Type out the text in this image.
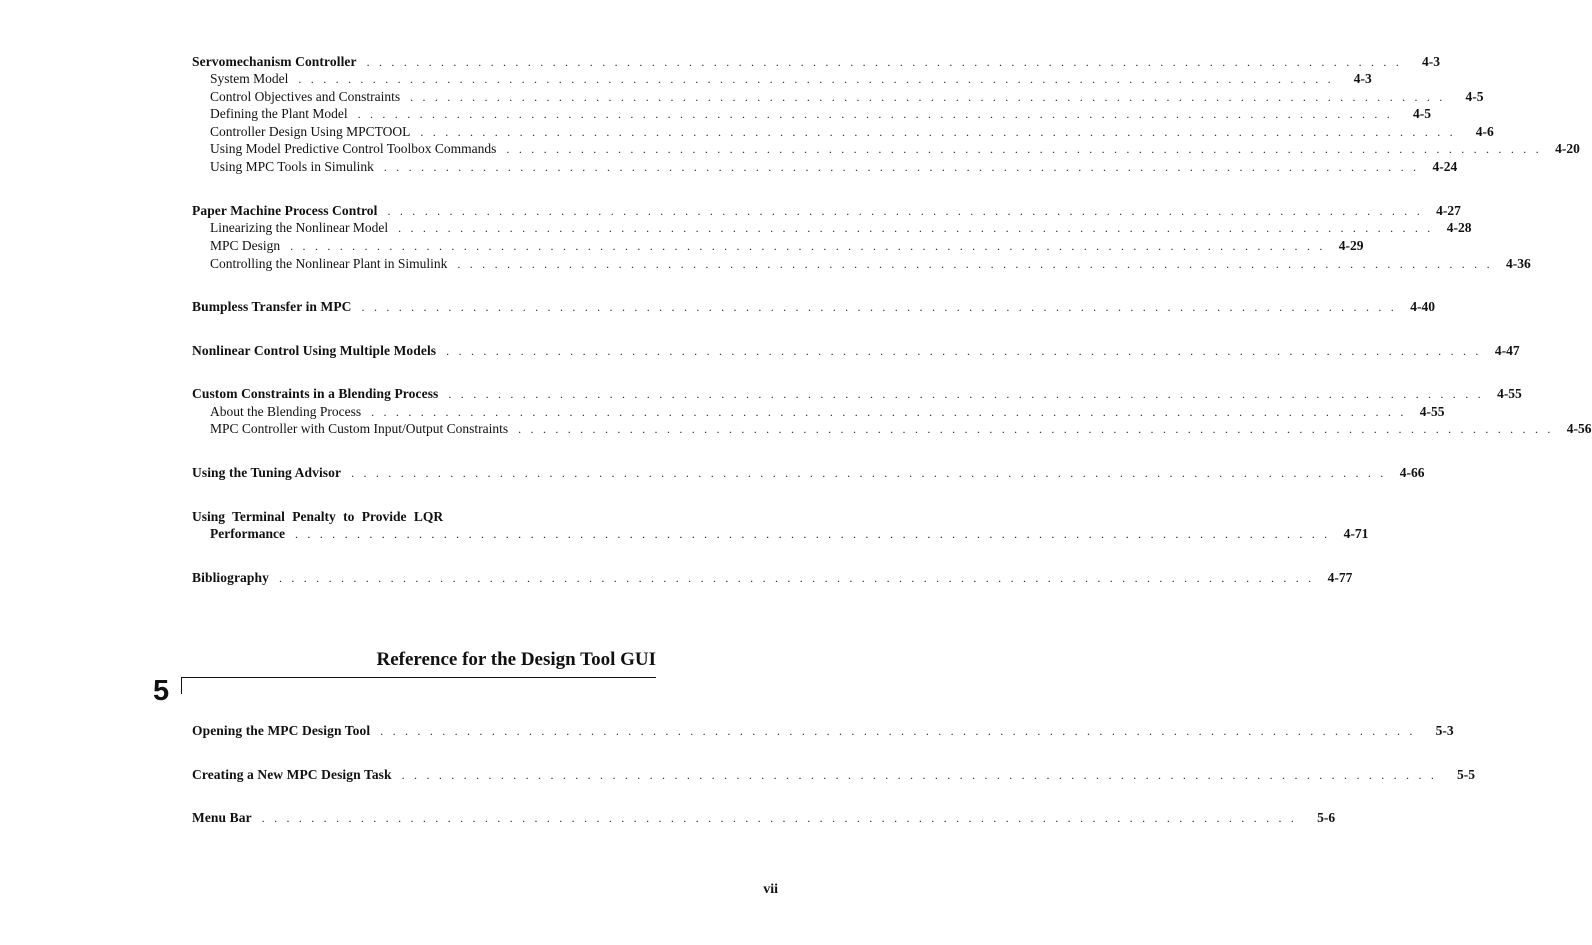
Servomechanism Controller . . . . . . . . . . . . . . . . . . . . . . . . . . . . . . . . . . . . . . . . . . . . . . . . . . . . . . . . . . . . . . . . . . . . . . . . . . . . . . . . . . . .	4-3
System Model . . . . . . . . . . . . . . . . . . . . . . . . . . . . . . . . . . . . . . . . . . . . . . . . . . . . . . . . . . . . . . . . . . . . . . . . . . . . . . . . . . . .	4-3
Control Objectives and Constraints . . . . . . . . . . . . . . . . . . . . . . . . . . . . . . . . . . . . . . . . . . . . . . . . . . . . . . . . . . . . . . . . . . . . . . . . . . . . . . . . . . . .	4-5
Defining the Plant Model . . . . . . . . . . . . . . . . . . . . . . . . . . . . . . . . . . . . . . . . . . . . . . . . . . . . . . . . . . . . . . . . . . . . . . . . . . . . . . . . . . . .	4-5
Controller Design Using MPCTOOL . . . . . . . . . . . . . . . . . . . . . . . . . . . . . . . . . . . . . . . . . . . . . . . . . . . . . . . . . . . . . . . . . . . . . . . . . . . . . . . . . . . .	4-6
Using Model Predictive Control Toolbox Commands . . . . . . . . . . . . . . . . . . . . . . . . . . . . . . . . . . . . . . . . . . . . . . . . . . . . . . . . . . . . . . . . . . . . . . . . . . . . . . . . . . . . 4-20
Using MPC Tools in Simulink . . . . . . . . . . . . . . . . . . . . . . . . . . . . . . . . . . . . . . . . . . . . . . . . . . . . . . . . . . . . . . . . . . . . . . . . . . . . . . . . . . . . 4-24
Paper Machine Process Control . . . . . . . . . . . . . . . . . . . . . . . . . . . . . . . . . . . . . . . . . . . . . . . . . . . . . . . . . . . . . . . . . . . . . . . . . . . . . . . . . . . . 4-27
Linearizing the Nonlinear Model . . . . . . . . . . . . . . . . . . . . . . . . . . . . . . . . . . . . . . . . . . . . . . . . . . . . . . . . . . . . . . . . . . . . . . . . . . . . . . . . . . . . 4-28
MPC Design . . . . . . . . . . . . . . . . . . . . . . . . . . . . . . . . . . . . . . . . . . . . . . . . . . . . . . . . . . . . . . . . . . . . . . . . . . . . . . . . . . . . 4-29
Controlling the Nonlinear Plant in Simulink . . . . . . . . . . . . . . . . . . . . . . . . . . . . . . . . . . . . . . . . . . . . . . . . . . . . . . . . . . . . . . . . . . . . . . . . . . . . . . . . . . . . 4-36
Bumpless Transfer in MPC . . . . . . . . . . . . . . . . . . . . . . . . . . . . . . . . . . . . . . . . . . . . . . . . . . . . . . . . . . . . . . . . . . . . . . . . . . . . . . . . . . . . 4-40
Nonlinear Control Using Multiple Models . . . . . . . . . . . . . . . . . . . . . . . . . . . . . . . . . . . . . . . . . . . . . . . . . . . . . . . . . . . . . . . . . . . . . . . . . . . . . . . . . . . . 4-47
Custom Constraints in a Blending Process . . . . . . . . . . . . . . . . . . . . . . . . . . . . . . . . . . . . . . . . . . . . . . . . . . . . . . . . . . . . . . . . . . . . . . . . . . . . . . . . . . . . 4-55
About the Blending Process . . . . . . . . . . . . . . . . . . . . . . . . . . . . . . . . . . . . . . . . . . . . . . . . . . . . . . . . . . . . . . . . . . . . . . . . . . . . . . . . . . . . 4-55
MPC Controller with Custom Input/Output Constraints . . . . . . . . . . . . . . . . . . . . . . . . . . . . . . . . . . . . . . . . . . . . . . . . . . . . . . . . . . . . . . . . . . . . . . . . . . . . . . . . . . . . 4-56
Using the Tuning Advisor . . . . . . . . . . . . . . . . . . . . . . . . . . . . . . . . . . . . . . . . . . . . . . . . . . . . . . . . . . . . . . . . . . . . . . . . . . . . . . . . . . . . 4-66
Using Terminal Penalty to Provide LQR
Performance . . . . . . . . . . . . . . . . . . . . . . . . . . . . . . . . . . . . . . . . . . . . . . . . . . . . . . . . . . . . . . . . . . . . . . . . . . . . . . . . . . . . 4-71
Bibliography . . . . . . . . . . . . . . . . . . . . . . . . . . . . . . . . . . . . . . . . . . . . . . . . . . . . . . . . . . . . . . . . . . . . . . . . . . . . . . . . . . . . 4-77
Reference for the Design Tool GUI
5
Opening the MPC Design Tool . . . . . . . . . . . . . . . . . . . . . . . . . . . . . . . . . . . . . . . . . . . . . . . . . . . . . . . . . . . . . . . . . . . . . . . . . . . . . . . . . . . .	5-3
Creating a New MPC Design Task . . . . . . . . . . . . . . . . . . . . . . . . . . . . . . . . . . . . . . . . . . . . . . . . . . . . . . . . . . . . . . . . . . . . . . . . . . . . . . . . . . . .	5-5
Menu Bar . . . . . . . . . . . . . . . . . . . . . . . . . . . . . . . . . . . . . . . . . . . . . . . . . . . . . . . . . . . . . . . . . . . . . . . . . . . . . . . . . . . .	5-6
vii
